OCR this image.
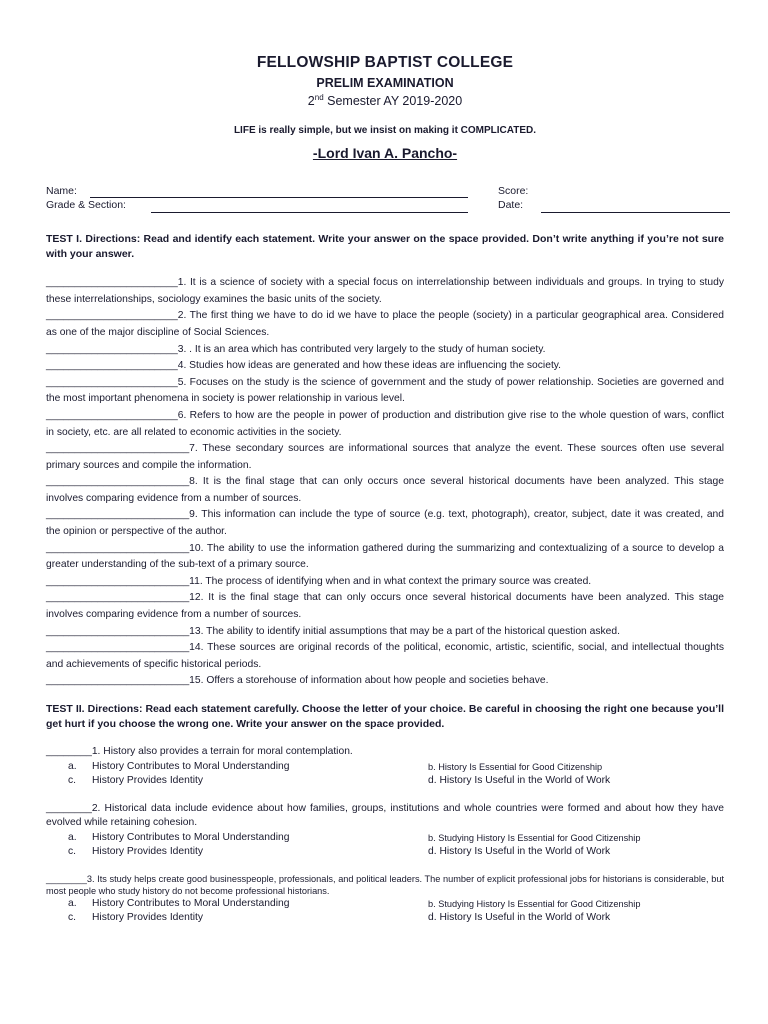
FELLOWSHIP BAPTIST COLLEGE
PRELIM EXAMINATION
2nd Semester AY 2019-2020
LIFE is really simple, but we insist on making it COMPLICATED.
-Lord Ivan A. Pancho-
Name:
Grade & Section:
Score:
Date:
TEST I. Directions: Read and identify each statement. Write your answer on the space provided. Don’t write anything if you’re not sure with your answer.
_______________________1. It is a science of society with a special focus on interrelationship between individuals and groups. In trying to study these interrelationships, sociology examines the basic units of the society.
_______________________2. The first thing we have to do id we have to place the people (society) in a particular geographical area. Considered as one of the major discipline of Social Sciences.
_______________________3. . It is an area which has contributed very largely to the study of human society.
_______________________4. Studies how ideas are generated and how these ideas are influencing the society.
_______________________5. Focuses on the study is the science of government and the study of power relationship. Societies are governed and the most important phenomena in society is power relationship in various level.
_______________________6. Refers to how are the people in power of production and distribution give rise to the whole question of wars, conflict in society, etc. are all related to economic activities in the society.
_________________________7. These secondary sources are informational sources that analyze the event. These sources often use several primary sources and compile the information.
_________________________8. It is the final stage that can only occurs once several historical documents have been analyzed. This stage involves comparing evidence from a number of sources.
_________________________9. This information can include the type of source (e.g. text, photograph), creator, subject, date it was created, and the opinion or perspective of the author.
_________________________10. The ability to use the information gathered during the summarizing and contextualizing of a source to develop a greater understanding of the sub-text of a primary source.
_________________________11. The process of identifying when and in what context the primary source was created.
_________________________12. It is the final stage that can only occurs once several historical documents have been analyzed. This stage involves comparing evidence from a number of sources.
_________________________13. The ability to identify initial assumptions that may be a part of the historical question asked.
_________________________14. These sources are original records of the political, economic, artistic, scientific, social, and intellectual thoughts and achievements of specific historical periods.
_________________________15. Offers a storehouse of information about how people and societies behave.
TEST II. Directions: Read each statement carefully. Choose the letter of your choice. Be careful in choosing the right one because you’ll get hurt if you choose the wrong one. Write your answer on the space provided.
________1. History also provides a terrain for moral contemplation.
a. History Contributes to Moral Understanding	b. History Is Essential for Good Citizenship
c. History Provides Identity	d. History Is Useful in the World of Work
________2. Historical data include evidence about how families, groups, institutions and whole countries were formed and about how they have evolved while retaining cohesion.
a. History Contributes to Moral Understanding	b. Studying History Is Essential for Good Citizenship
c. History Provides Identity	d. History Is Useful in the World of Work
________3. Its study helps create good businesspeople, professionals, and political leaders. The number of explicit professional jobs for historians is considerable, but most people who study history do not become professional historians.
a. History Contributes to Moral Understanding	b. Studying History Is Essential for Good Citizenship
c. History Provides Identity	d. History Is Useful in the World of Work
